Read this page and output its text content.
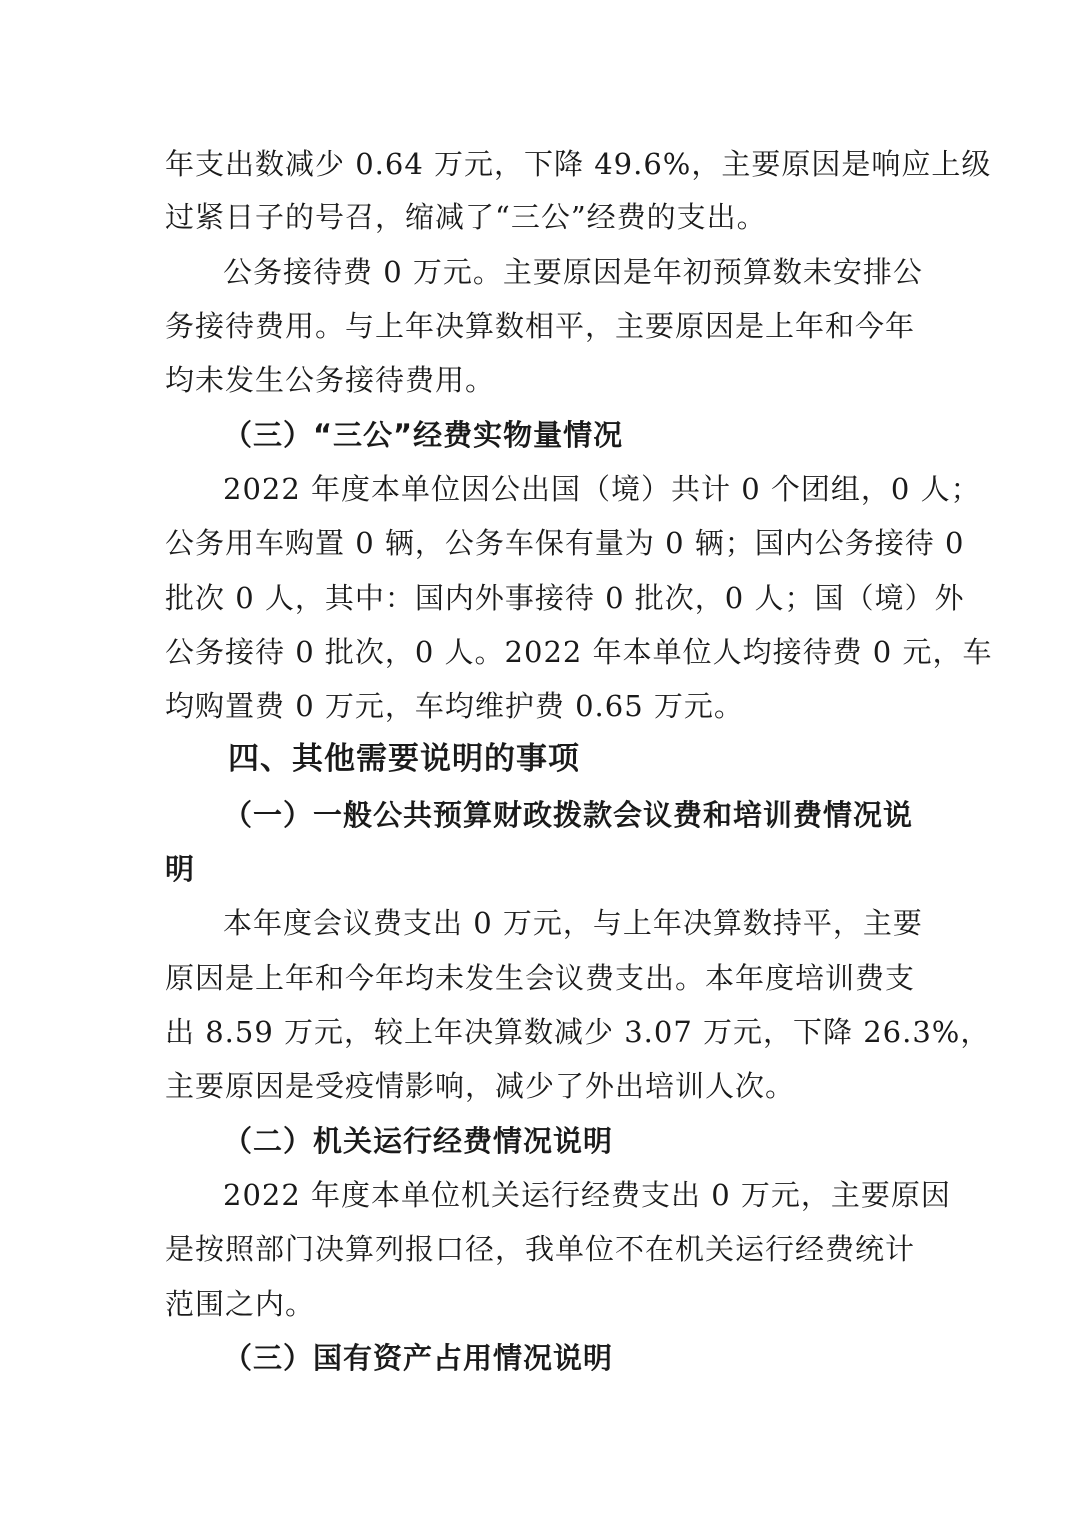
年支出数减少 0.64 万元，下降 49.6%，主要原因是响应上级
过紧日子的号召，缩减了“三公”经费的支出。
公务接待费 0 万元。主要原因是年初预算数未安排公
务接待费用。与上年决算数相平，主要原因是上年和今年
均未发生公务接待费用。
（三）“三公”经费实物量情况
2022 年度本单位因公出国（境）共计 0 个团组，0 人；
公务用车购置 0 辆，公务车保有量为 0 辆；国内公务接待 0
批次 0 人，其中：国内外事接待 0 批次，0 人；国（境）外
公务接待 0 批次，0 人。2022 年本单位人均接待费 0 元，车
均购置费 0 万元，车均维护费 0.65 万元。
四、其他需要说明的事项
（一）一般公共预算财政拨款会议费和培训费情况说
明
本年度会议费支出 0 万元，与上年决算数持平，主要
原因是上年和今年均未发生会议费支出。本年度培训费支
出 8.59 万元，较上年决算数减少 3.07 万元，下降 26.3%，
主要原因是受疫情影响，减少了外出培训人次。
（二）机关运行经费情况说明
2022 年度本单位机关运行经费支出 0 万元，主要原因
是按照部门决算列报口径，我单位不在机关运行经费统计
范围之内。
（三）国有资产占用情况说明
